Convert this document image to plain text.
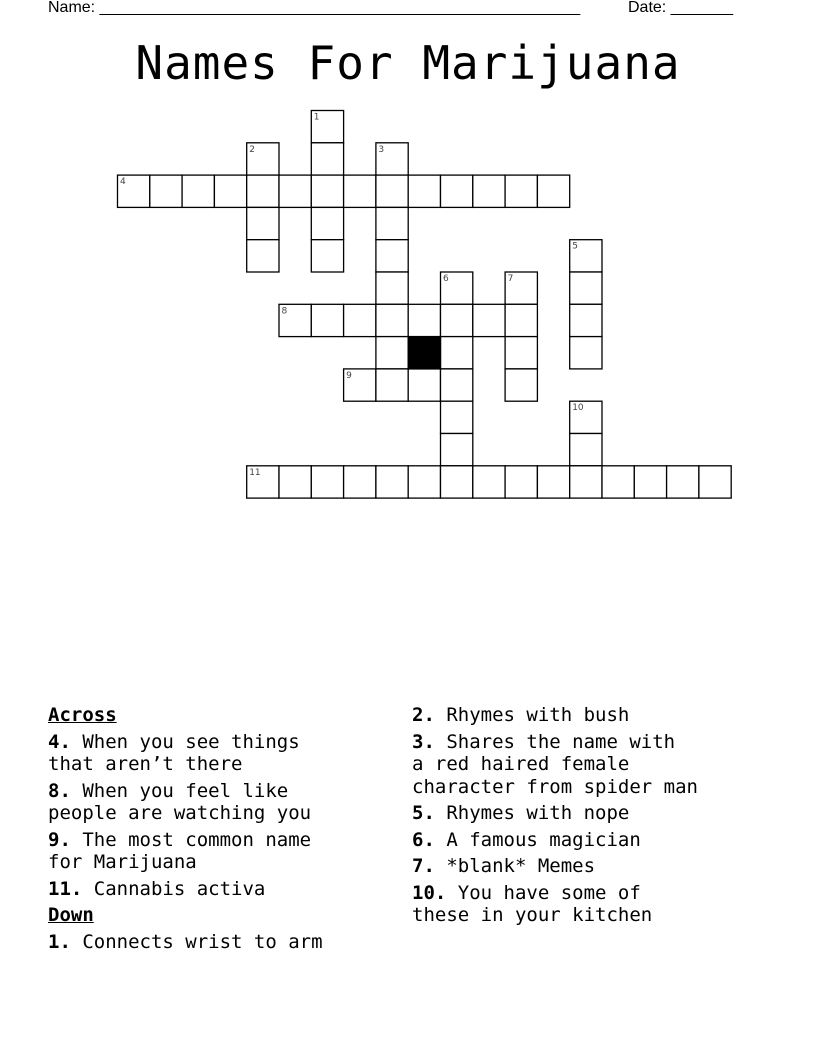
Name: ______________________________________________________	Date: _______
Names For Marijuana
1
2	3
4
5
6	7
8
9
10
11
Across
4. When you see things
that aren’t there
8. When you feel like
people are watching you
9. The most common name
for Marijuana
11. Cannabis activa
Down
1. Connects wrist to arm
2. Rhymes with bush
3. Shares the name with
a red haired female
character from spider man
5. Rhymes with nope
6. A famous magician
7. *blank* Memes
10. You have some of
these in your kitchen
